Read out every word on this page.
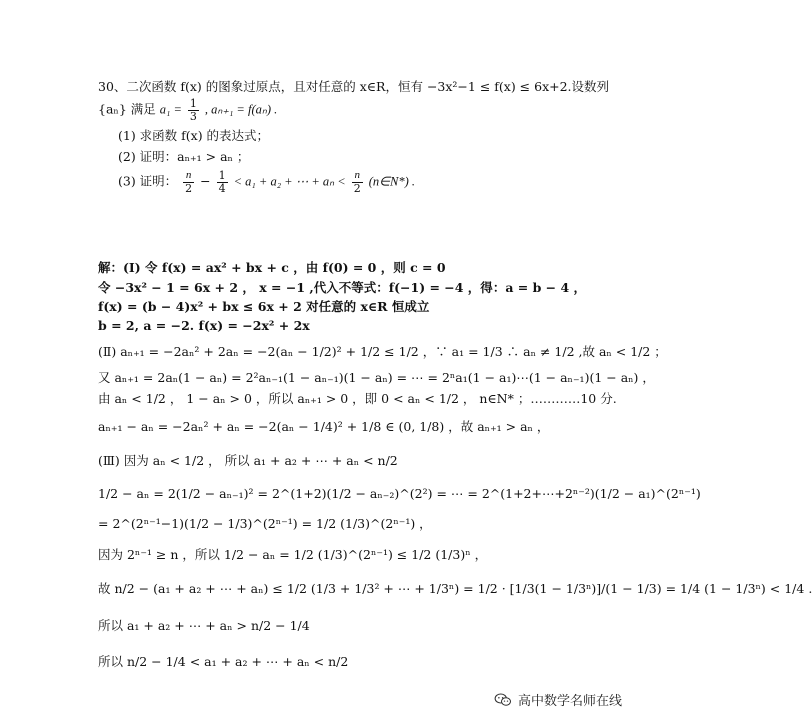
30、二次函数 f(x) 的图象过原点，且对任意的 x∈R，恒有 −3x²−1 ≤ f(x) ≤ 6x+2.设数列
{aₙ} 满足 $a_1 = \frac{1}{3}$ , aₙ₊₁ = f(aₙ) .
(1) 求函数 f(x) 的表达式；
(2) 证明：aₙ₊₁ > aₙ ；
(3) 证明： $\frac{n}{2} - \frac{1}{4} < a_1 + a_2$ + ⋯ + $a_n < \frac{n}{2}$ (n∈N*) .
解：(Ⅰ) 令 f(x) = ax² + bx + c ，由 f(0) = 0 ，则 c = 0
令 −3x² − 1 = 6x + 2 ， x = −1 ,代入不等式：f(−1) = −4 ，得：a = b − 4 ，
f(x) = (b − 4)x² + bx ≤ 6x + 2 对任意的 x∈R 恒成立
b = 2, a = −2. f(x) = −2x² + 2x
(Ⅱ) aₙ₊₁ = −2aₙ² + 2aₙ = −2(aₙ − 1/2)² + 1/2 ≤ 1/2 ，∵ a₁ = 1/3 ∴ aₙ ≠ 1/2 ,故 aₙ < 1/2 ；
又 aₙ₊₁ = 2aₙ(1 − aₙ) = 2²aₙ₋₁(1 − aₙ₋₁)(1 − aₙ) = ⋯ = 2ⁿa₁(1 − a₁)⋯(1 − aₙ₋₁)(1 − aₙ) ，
由 aₙ < 1/2 ， 1 − aₙ > 0 ，所以 aₙ₊₁ > 0 ，即 0 < aₙ < 1/2 ， n∈N* ；…………10 分.
aₙ₊₁ − aₙ = −2aₙ² + aₙ = −2(aₙ − 1/4)² + 1/8 ∈ (0, 1/8) ，故 aₙ₊₁ > aₙ ，
(Ⅲ) 因为 aₙ < 1/2 ， 所以 a₁ + a₂ + ⋯ + aₙ < n/2
1/2 − aₙ = 2(1/2 − aₙ₋₁)² = 2^(1+2)(1/2 − aₙ₋₂)^(2²) = ⋯ = 2^(1+2+⋯+2ⁿ⁻²)(1/2 − a₁)^(2ⁿ⁻¹)
= 2^(2ⁿ⁻¹−1)(1/2 − 1/3)^(2ⁿ⁻¹) = 1/2 (1/3)^(2ⁿ⁻¹) ，
因为 2ⁿ⁻¹ ≥ n ，所以 1/2 − aₙ = 1/2 (1/3)^(2ⁿ⁻¹) ≤ 1/2 (1/3)ⁿ ，
故 n/2 − (a₁ + a₂ + ⋯ + aₙ) ≤ 1/2 (1/3 + 1/3² + ⋯ + 1/3ⁿ) = 1/2 · [1/3(1 − 1/3ⁿ)]/(1 − 1/3) = 1/4 (1 − 1/3ⁿ) < 1/4 .
所以 a₁ + a₂ + ⋯ + aₙ > n/2 − 1/4
所以 n/2 − 1/4 < a₁ + a₂ + ⋯ + aₙ < n/2
高中数学名师在线
